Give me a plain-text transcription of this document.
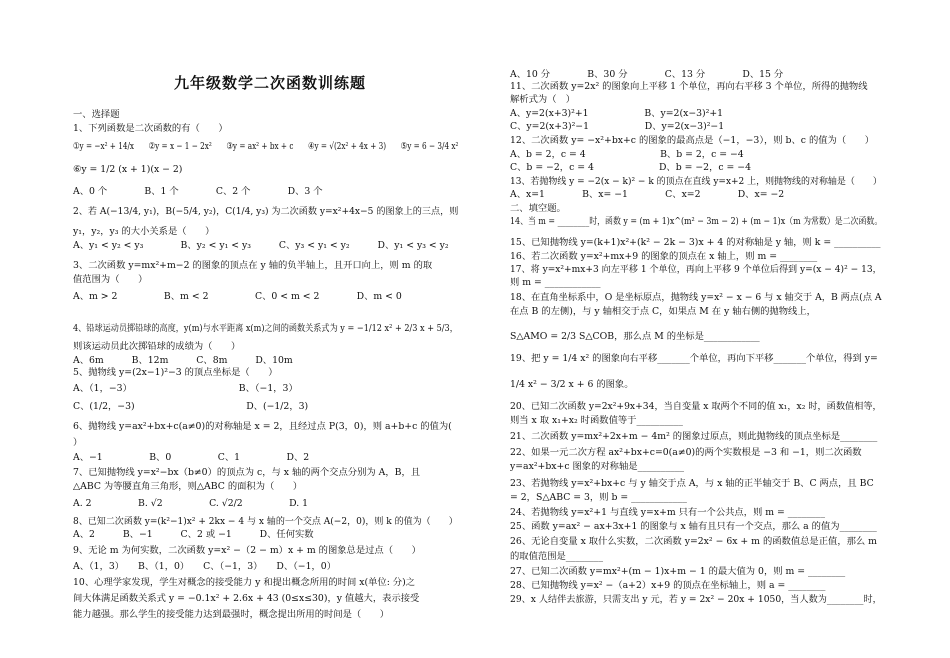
九年级数学二次函数训练题
一、选择题
1、下列函数是二次函数的有（　　）
①y = −x² + 14/x　　②y = x − 1 − 2x²　　③y = ax² + bx + c　　④y = √(2x² + 4x + 3)　　⑤y = 6 − 3/4 x²
⑥y = 1/2 (x + 1)(x − 2)
A、0 个　　　　B、1 个　　　　C、2 个　　　　D、3 个
2、若 A(−13/4, y₁)，B(−5/4, y₂)，C(1/4, y₃) 为二次函数 y=x²+4x−5 的图象上的三点，则
y₁，y₂，y₃ 的大小关系是（　　）
A、y₁ < y₂ < y₃　　　　B、y₂ < y₁ < y₃　　　C、y₃ < y₁ < y₂　　　D、y₁ < y₃ < y₂
3、二次函数 y=mx²+m−2 的图象的顶点在 y 轴的负半轴上，且开口向上，则 m 的取
值范围为（　　）
A、m > 2　　　　　B、m < 2　　　　　C、0 < m < 2　　　　D、m < 0
4、铅球运动员掷铅球的高度，y(m)与水平距离 x(m)之间的函数关系式为 y = −1/12 x² + 2/3 x + 5/3，
则该运动员此次掷铅球的成绩为（　　）
A、6m　　　B、12m　　　C、8m　　　D、10m
5、抛物线 y=(2x−1)²−3 的顶点坐标是（　　）
A、（1，−3）　　　　　　　　　　　　B、（−1，3）
C、(1/2，−3)　　　　　　　　　　　　D、(−1/2，3)
6、抛物线 y=ax²+bx+c(a≠0)的对称轴是 x = 2，且经过点 P(3，0)，则 a+b+c 的值为(
）
A、−1　　　　　B、0　　　　　C、1　　　　　D、2
7、已知抛物线 y=x²−bx（b≠0）的顶点为 c，与 x 轴的两个交点分别为 A，B，且
△ABC 为等腰直角三角形，则△ABC 的面积为（　　）
A. 2　　　　　B. √2　　　　　C. √2/2　　　　　D. 1
8、已知二次函数 y=(k²−1)x² + 2kx − 4 与 x 轴的一个交点 A(−2，0)，则 k 的值为（　　）
A、2　　　B、−1　　　C、2 或 −1　　　D、任何实数
9、无论 m 为何实数，二次函数 y=x² −（2 − m）x + m 的图象总是过点（　　）
A、（1，3）　　B、（1，0）　　C、（−1，3）　　D、（−1，0）
10、心理学家发现，学生对概念的接受能力 y 和提出概念所用的时间 x(单位: 分)之
间大体满足函数关系式 y = −0.1x² + 2.6x + 43 (0≤x≤30)，y 值越大，表示接受
能力越强。那么学生的接受能力达到最强时，概念提出所用的时间是（　　）
A、10 分　　　　B、30 分　　　　C、13 分　　　　D、15 分
11、二次函数 y=2x² 的图象向上平移 1 个单位，再向右平移 3 个单位，所得的抛物线
解析式为（　）
A、y=2(x+3)²+1　　　　　　B、y=2(x−3)²+1
C、y=2(x+3)²−1　　　　　　D、y=2(x−3)²−1
12、二次函数 y= −x²+bx+c 的图象的最高点是（−1，−3），则 b、c 的值为（　　）
A、b = 2，c = 4　　　　　　　　B、b = 2，c = −4
C、b = −2，c = 4　　　　　　　D、b = −2，c = −4
13、若抛物线 y = −2(x − k)² − k 的顶点在直线 y=x+2 上，则抛物线的对称轴是（　　）
A、x=1　　　　B、x= −1　　　　C、x=2　　　　D、x= −2
二、填空题。
14、当 m = ________时，函数 y = (m + 1)x^(m² − 3m − 2) + (m − 1)x（m 为常数）是二次函数。
15、已知抛物线 y=(k+1)x²+(k² − 2k − 3)x + 4 的对称轴是 y 轴，则 k = __________
16、若二次函数 y=x²+mx+9 的图象的顶点在 x 轴上，则 m = ________
17、将 y=x²+mx+3 向左平移 1 个单位，再向上平移 9 个单位后得到 y=(x − 4)² − 13，
则 m = ____________
18、在直角坐标系中，O 是坐标原点，抛物线 y=x² − x − 6 与 x 轴交于 A，B 两点(点 A
在点 B 的左侧)，与 y 轴相交于点 C，如果点 M 在 y 轴右侧的抛物线上，
S△AMO = 2/3 S△COB，那么点 M 的坐标是____________
19、把 y = 1/4 x² 的图象向右平移_______个单位，再向下平移_______个单位，得到 y=
1/4 x² − 3/2 x + 6 的图象。
20、已知二次函数 y=2x²+9x+34，当自变量 x 取两个不同的值 x₁，x₂ 时，函数值相等，
则当 x 取 x₁+x₂ 时函数值等于__________
21、二次函数 y=mx²+2x+m − 4m² 的图象过原点，则此抛物线的顶点坐标是________
22、如果一元二次方程 ax²+bx+c=0(a≠0)的两个实数根是 −3 和 −1，则二次函数
y=ax²+bx+c 图象的对称轴是__________
23、若抛物线 y=x²+bx+c 与 y 轴交于点 A，与 x 轴的正半轴交于 B、C 两点，且 BC
= 2，S△ABC = 3，则 b = ____________
24、若抛物线 y=x²+1 与直线 y=x+m 只有一个公共点，则 m = ________
25、函数 y=ax² − ax+3x+1 的图象与 x 轴有且只有一个交点，那么 a 的值为________
26、无论自变量 x 取什么实数，二次函数 y=2x² − 6x + m 的函数值总是正值，那么 m
的取值范围是________
27、已知二次函数 y=mx²+(m − 1)x+m − 1 的最大值为 0，则 m = ________
28、已知抛物线 y=x² −（a+2）x+9 的顶点在坐标轴上，则 a = ________
29、x 人结伴去旅游，只需支出 y 元，若 y = 2x² − 20x + 1050，当人数为________时，
